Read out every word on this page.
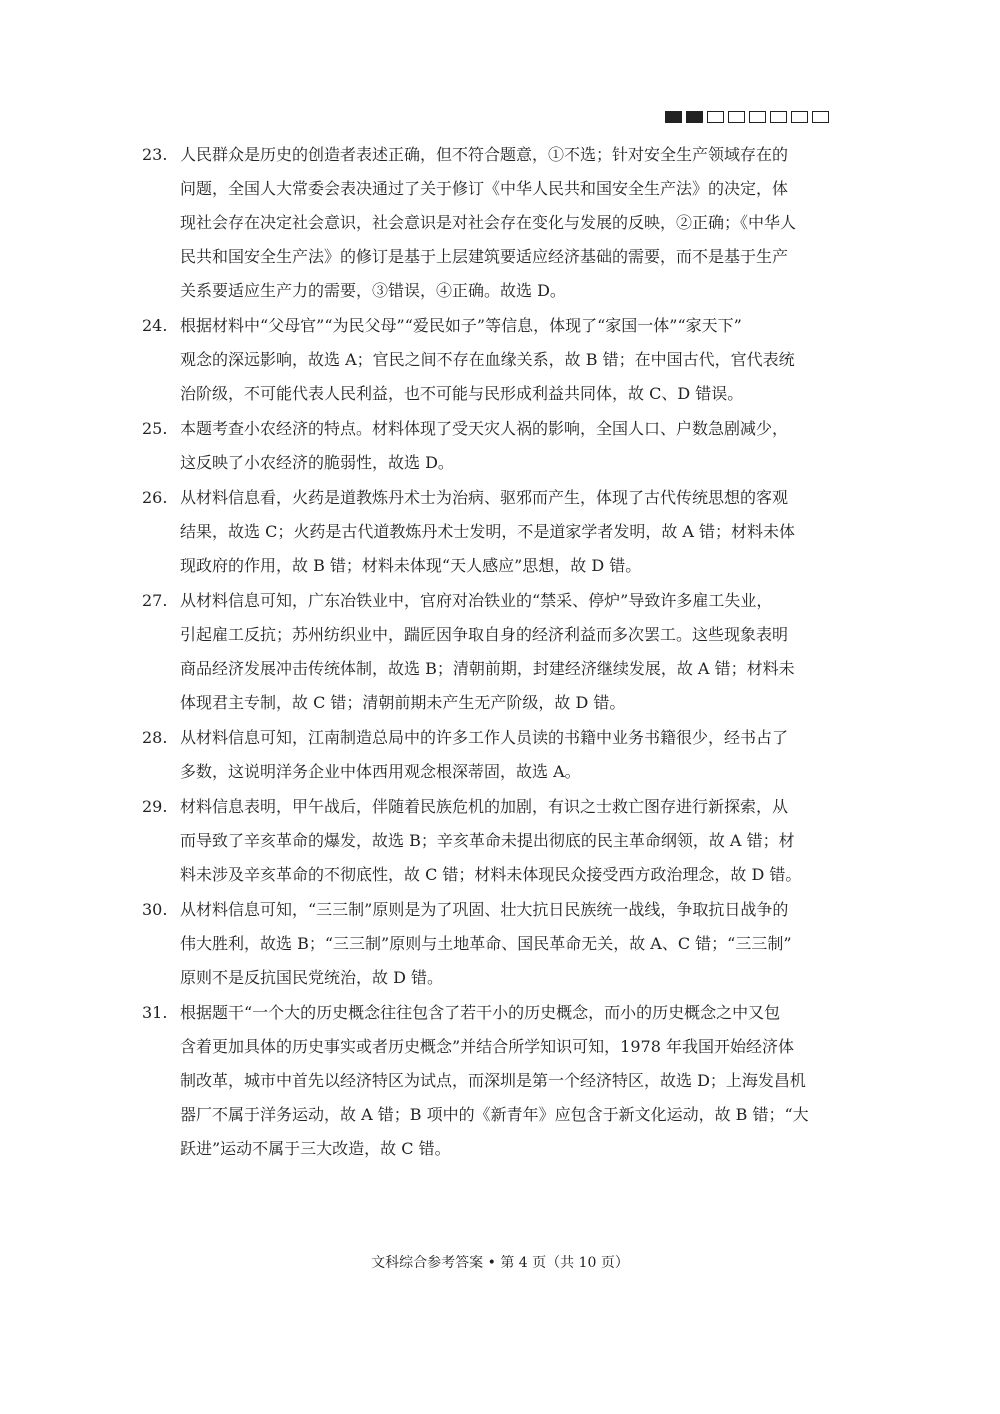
23. 人民群众是历史的创造者表述正确，但不符合题意，①不选；针对安全生产领域存在的
问题，全国人大常委会表决通过了关于修订《中华人民共和国安全生产法》的决定，体
现社会存在决定社会意识，社会意识是对社会存在变化与发展的反映，②正确；《中华人
民共和国安全生产法》的修订是基于上层建筑要适应经济基础的需要，而不是基于生产
关系要适应生产力的需要，③错误，④正确。故选 D。
24. 根据材料中“父母官”“为民父母”“爱民如子”等信息，体现了“家国一体”“家天下”
观念的深远影响，故选 A；官民之间不存在血缘关系，故 B 错；在中国古代，官代表统
治阶级，不可能代表人民利益，也不可能与民形成利益共同体，故 C、D 错误。
25. 本题考查小农经济的特点。材料体现了受天灾人祸的影响，全国人口、户数急剧减少，
这反映了小农经济的脆弱性，故选 D。
26. 从材料信息看，火药是道教炼丹术士为治病、驱邪而产生，体现了古代传统思想的客观
结果，故选 C；火药是古代道教炼丹术士发明，不是道家学者发明，故 A 错；材料未体
现政府的作用，故 B 错；材料未体现“天人感应”思想，故 D 错。
27. 从材料信息可知，广东冶铁业中，官府对冶铁业的“禁采、停炉”导致许多雇工失业，
引起雇工反抗；苏州纺织业中，踹匠因争取自身的经济利益而多次罢工。这些现象表明
商品经济发展冲击传统体制，故选 B；清朝前期，封建经济继续发展，故 A 错；材料未
体现君主专制，故 C 错；清朝前期未产生无产阶级，故 D 错。
28. 从材料信息可知，江南制造总局中的许多工作人员读的书籍中业务书籍很少，经书占了
多数，这说明洋务企业中体西用观念根深蒂固，故选 A。
29. 材料信息表明，甲午战后，伴随着民族危机的加剧，有识之士救亡图存进行新探索，从
而导致了辛亥革命的爆发，故选 B；辛亥革命未提出彻底的民主革命纲领，故 A 错；材
料未涉及辛亥革命的不彻底性，故 C 错；材料未体现民众接受西方政治理念，故 D 错。
30. 从材料信息可知，“三三制”原则是为了巩固、壮大抗日民族统一战线，争取抗日战争的
伟大胜利，故选 B；“三三制”原则与土地革命、国民革命无关，故 A、C 错；“三三制”
原则不是反抗国民党统治，故 D 错。
31. 根据题干“一个大的历史概念往往包含了若干小的历史概念，而小的历史概念之中又包
含着更加具体的历史事实或者历史概念”并结合所学知识可知，1978 年我国开始经济体
制改革，城市中首先以经济特区为试点，而深圳是第一个经济特区，故选 D；上海发昌机
器厂不属于洋务运动，故 A 错；B 项中的《新青年》应包含于新文化运动，故 B 错；“大
跃进”运动不属于三大改造，故 C 错。
文科综合参考答案 • 第 4 页（共 10 页）
